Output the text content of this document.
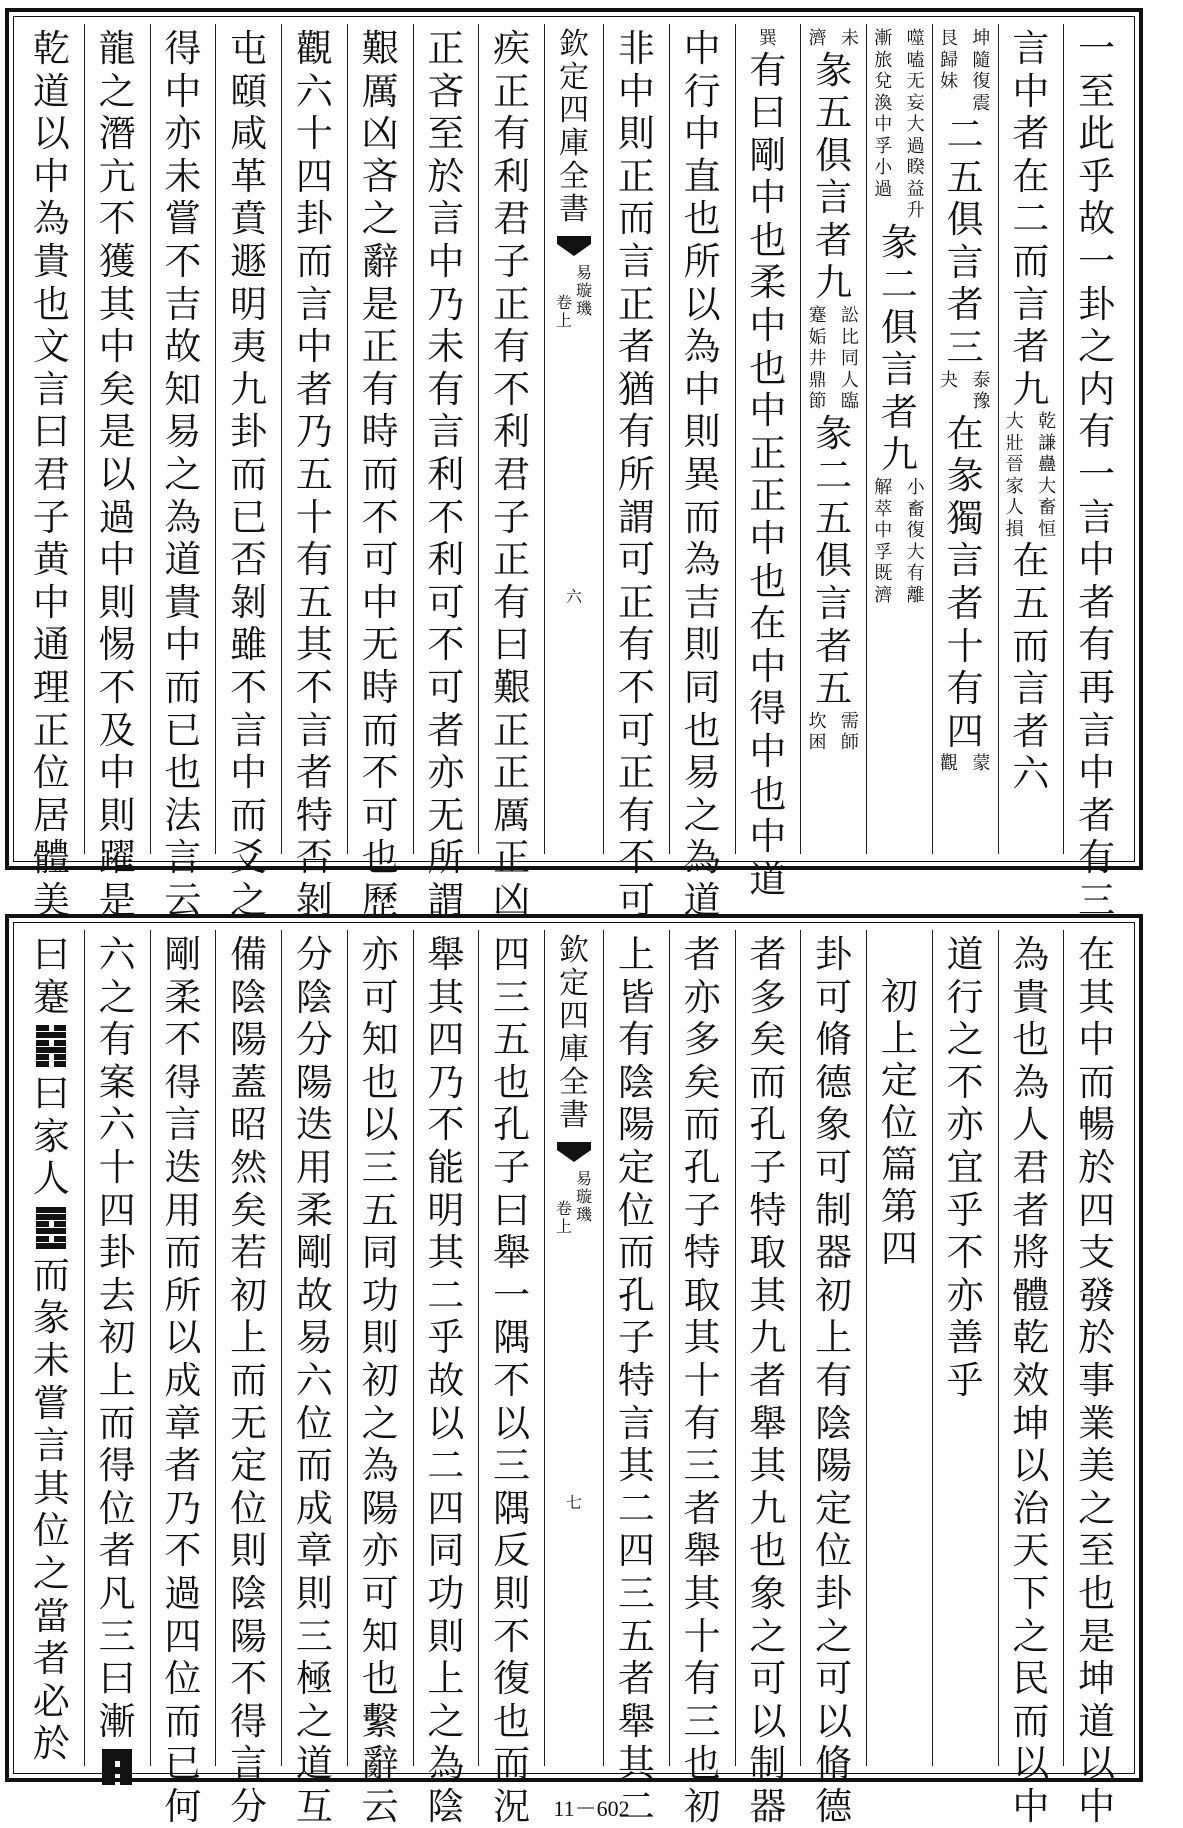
一
至
此
乎
故
一
卦
之
内
有
一
言
中
者
有
再
言
中
者
有
三
言
中
者
在
二
而
言
者
九
乾
謙
蠱
大
畜
恒
大
壯
晉
家
人
損
在
五
而
言
者
六
坤
隨
復
震
艮
歸
妹
二
五
俱
言
者
三
泰
豫
夬
在
彖
獨
言
者
十
有
四
蒙
觀
噬
嗑
无
妄
大
過
睽
益
升
漸
旅
兌
渙
中
孚
小
過
彖
二
俱
言
者
九
小
畜
復
大
有
離
解
萃
中
孚
既
濟
未
濟
彖
五
俱
言
者
九
訟
比
同
人
臨
蹇
姤
井
鼎
節
彖
二
五
俱
言
者
五
需
師
坎
困
巽
有
曰
剛
中
也
柔
中
也
中
正
正
中
也
在
中
得
中
也
中
道
中
行
中
直
也
所
以
為
中
則
異
而
為
吉
則
同
也
易
之
為
道
非
中
則
正
而
言
正
者
猶
有
所
謂
可
正
有
不
可
正
有
不
可
欽
定
四
庫
全
書
易
璇
璣
卷
上
六
疾
正
有
利
君
子
正
有
不
利
君
子
正
有
曰
艱
正
正
厲
正
凶
正
吝
至
於
言
中
乃
未
有
言
利
不
利
可
不
可
者
亦
无
所
謂
艱
厲
凶
吝
之
辭
是
正
有
時
而
不
可
中
无
時
而
不
可
也
歷
觀
六
十
四
卦
而
言
中
者
乃
五
十
有
五
其
不
言
者
特
否
剝
屯
頤
咸
革
賁
遯
明
夷
九
卦
而
已
否
剝
雖
不
言
中
而
爻
之
得
中
亦
未
嘗
不
吉
故
知
易
之
為
道
貴
中
而
已
也
法
言
云
龍
之
潛
亢
不
獲
其
中
矣
是
以
過
中
則
惕
不
及
中
則
躍
是
乾
道
以
中
為
貴
也
文
言
曰
君
子
黄
中
通
理
正
位
居
體
美
在
其
中
而
暢
於
四
支
發
於
事
業
美
之
至
也
是
坤
道
以
中
為
貴
也
為
人
君
者
將
體
乾
效
坤
以
治
天
下
之
民
而
以
中
道
行
之
不
亦
宜
乎
不
亦
善
乎
初
上
定
位
篇
第
四
卦
可
脩
德
象
可
制
器
初
上
有
陰
陽
定
位
卦
之
可
以
脩
德
者
多
矣
而
孔
子
特
取
其
九
者
舉
其
九
也
象
之
可
以
制
器
者
亦
多
矣
而
孔
子
特
取
其
十
有
三
者
舉
其
十
有
三
也
初
上
皆
有
陰
陽
定
位
而
孔
子
特
言
其
二
四
三
五
者
舉
其
二
欽
定
四
庫
全
書
易
璇
璣
卷
上
七
四
三
五
也
孔
子
曰
舉
一
隅
不
以
三
隅
反
則
不
復
也
而
況
舉
其
四
乃
不
能
明
其
二
乎
故
以
二
四
同
功
則
上
之
為
陰
亦
可
知
也
以
三
五
同
功
則
初
之
為
陽
亦
可
知
也
繫
辭
云
分
陰
分
陽
迭
用
柔
剛
故
易
六
位
而
成
章
則
三
極
之
道
互
備
陰
陽
蓋
昭
然
矣
若
初
上
而
无
定
位
則
陰
陽
不
得
言
分
剛
柔
不
得
言
迭
用
而
所
以
成
章
者
乃
不
過
四
位
而
已
何
六
之
有
案
六
十
四
卦
去
初
上
而
得
位
者
凡
三
曰
漸
曰
蹇
曰
家
人
而
彖
未
嘗
言
其
位
之
當
者
必
於
11－602
